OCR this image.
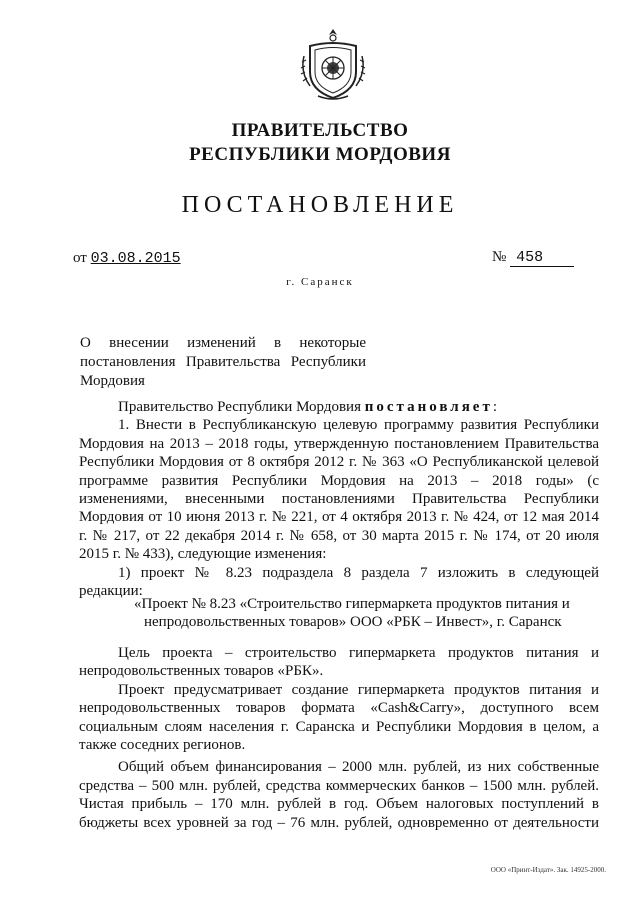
ПРАВИТЕЛЬСТВО
РЕСПУБЛИКИ МОРДОВИЯ
ПОСТАНОВЛЕНИЕ
от 03.08.2015	№ 458
г. Саранск
О внесении изменений в некоторые
постановления Правительства Республики
Мордовия
Правительство Республики Мордовия постановляет:
1. Внести в Республиканскую целевую программу развития Республики
Мордовия на 2013 – 2018 годы, утвержденную постановлением Правительства
Республики Мордовия от 8 октября 2012 г. № 363 «О Республиканской целевой
программе развития Республики Мордовия на 2013 – 2018 годы» (с
изменениями, внесенными постановлениями Правительства Республики
Мордовия от 10 июня 2013 г. № 221, от 4 октября 2013 г. № 424, от 12 мая 2014
г. № 217, от 22 декабря 2014 г. № 658, от 30 марта 2015 г. № 174, от 20 июля
2015 г. № 433), следующие изменения:
1) проект № 8.23 подраздела 8 раздела 7 изложить в следующей
редакции:
«Проект № 8.23 «Строительство гипермаркета продуктов питания и
непродовольственных товаров» ООО «РБК – Инвест», г. Саранск
Цель проекта – строительство гипермаркета продуктов питания и
непродовольственных товаров «РБК».
Проект предусматривает создание гипермаркета продуктов питания и
непродовольственных товаров формата «Cash&Carry», доступного всем
социальным слоям населения г. Саранска и Республики Мордовия в целом, а
также соседних регионов.
Общий объем финансирования – 2000 млн. рублей, из них собственные
средства – 500 млн. рублей, средства коммерческих банков – 1500 млн. рублей.
Чистая прибыль – 170 млн. рублей в год. Объем налоговых поступлений в
бюджеты всех уровней за год – 76 млн. рублей, одновременно от деятельности
ООО «Принт-Издат». Зак. 14925-2000.
